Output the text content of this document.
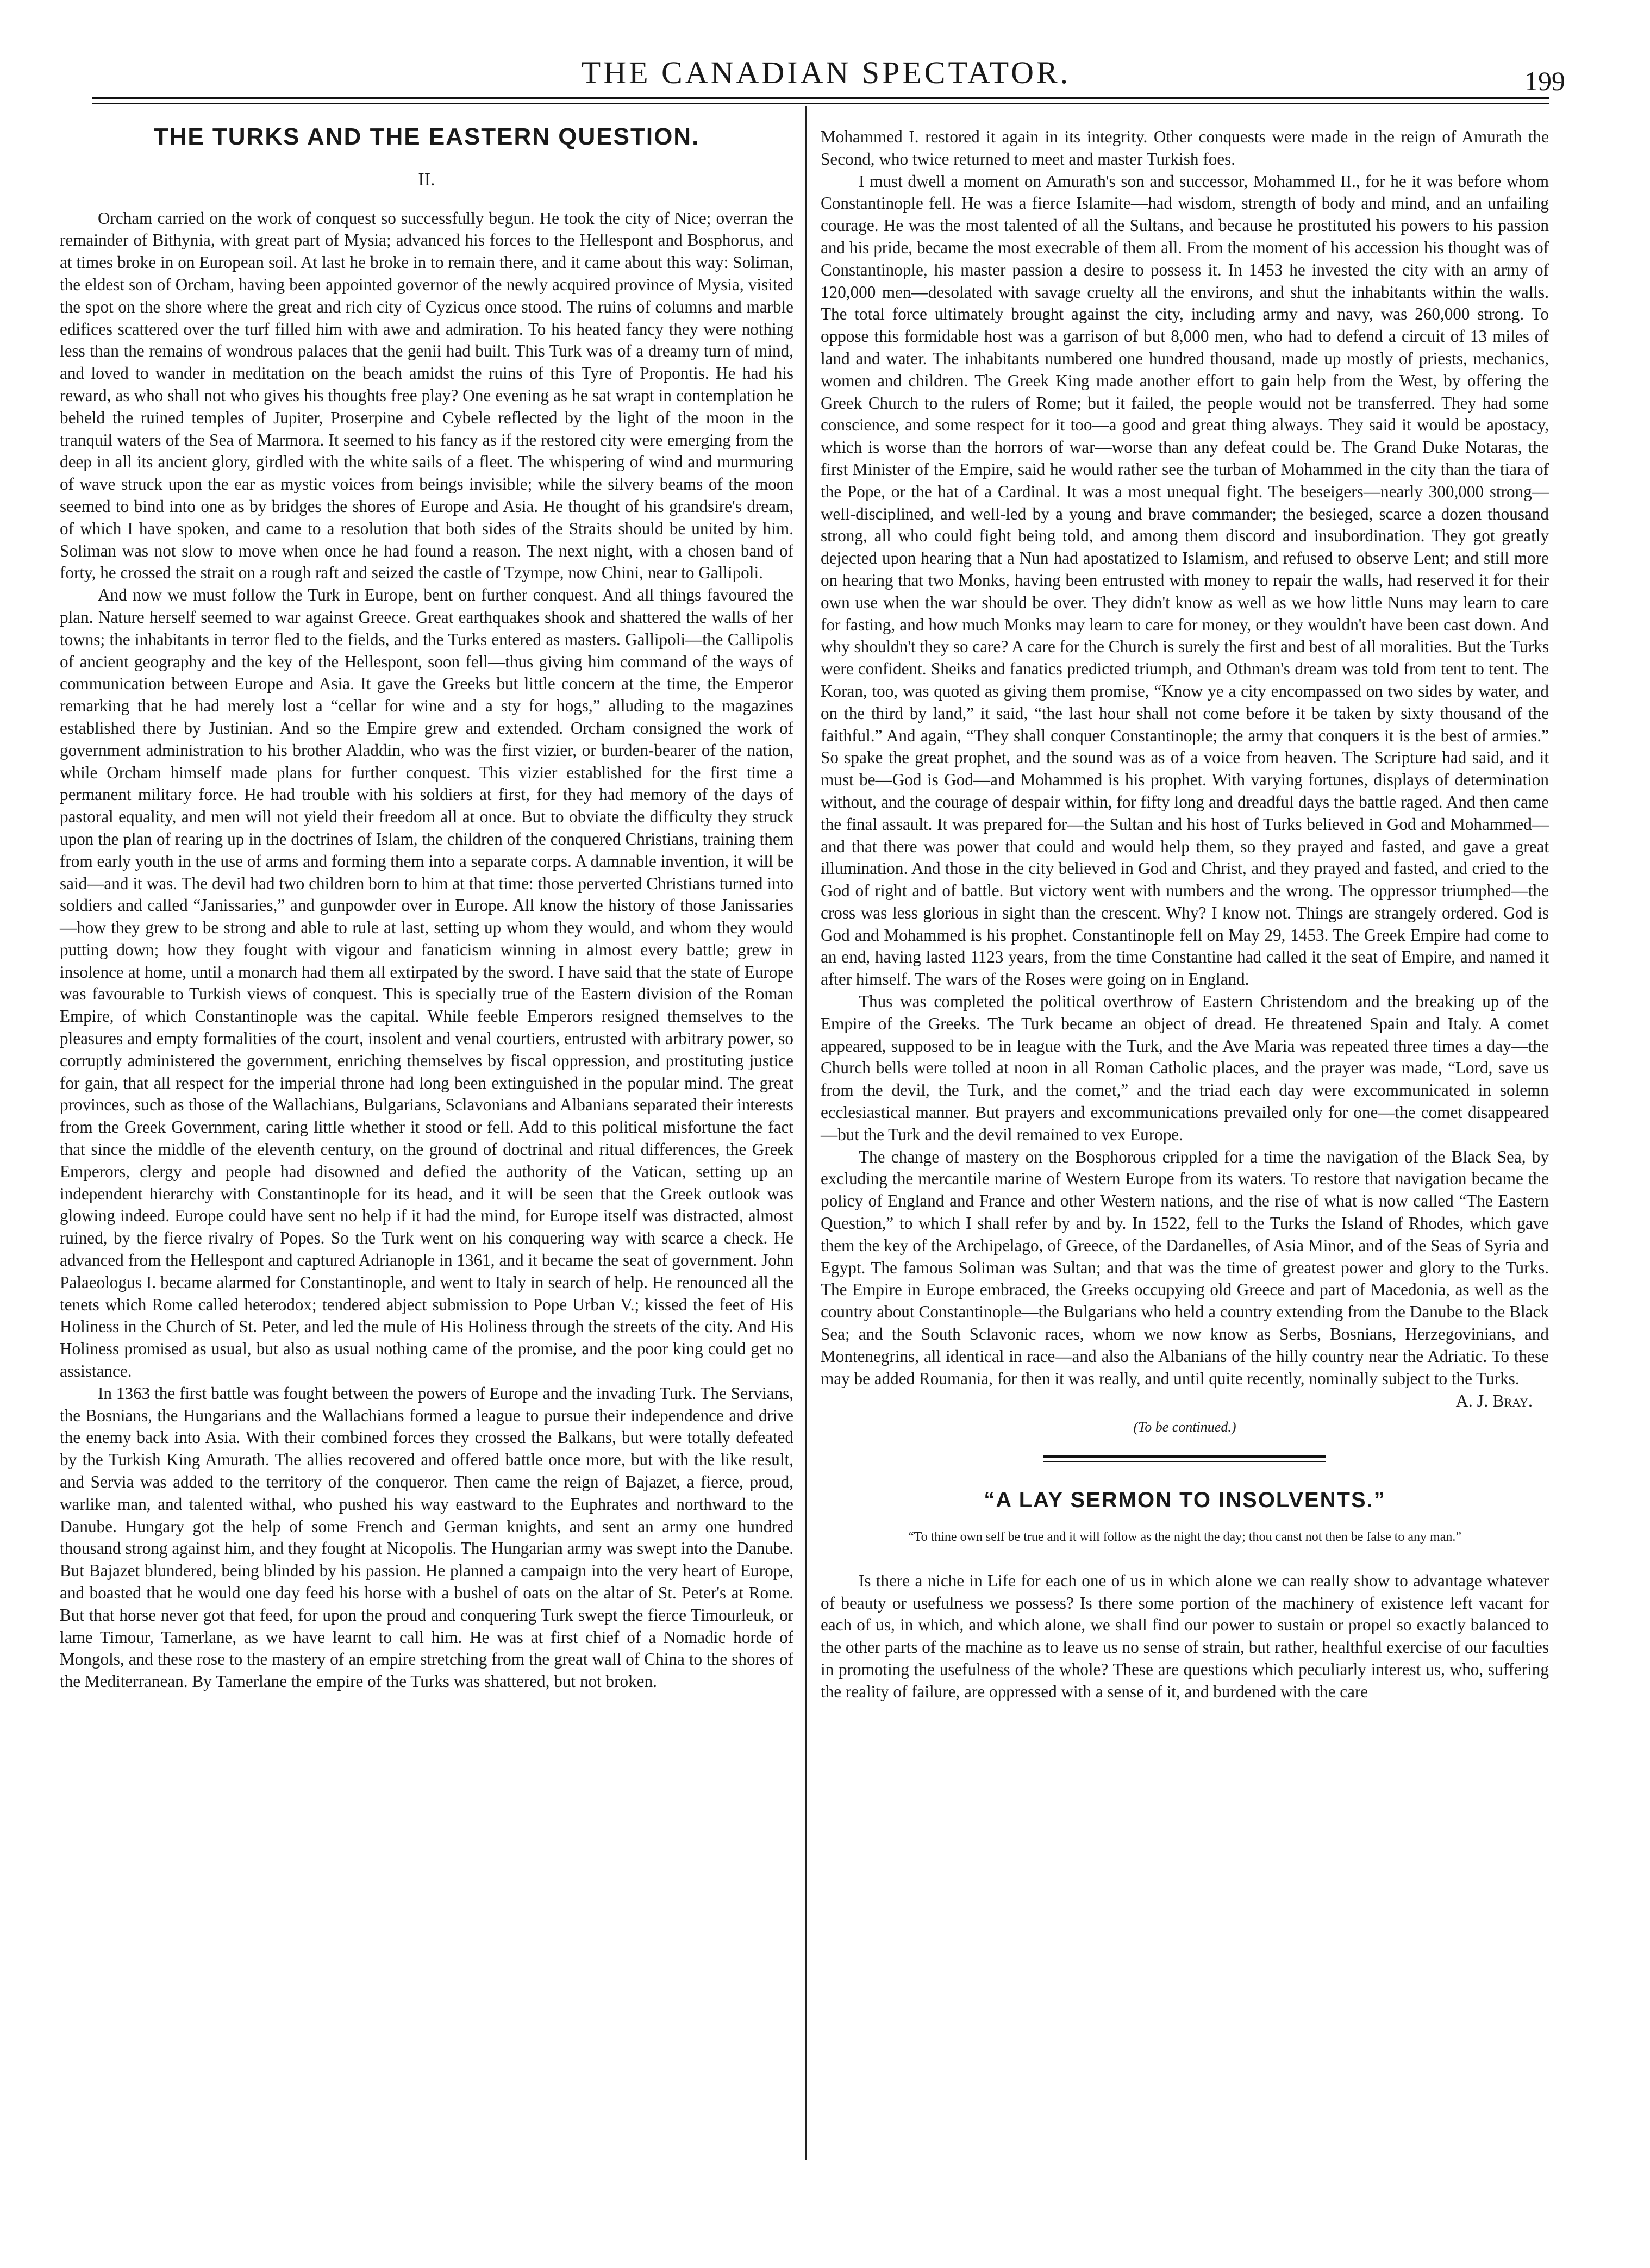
THE CANADIAN SPECTATOR.	199
THE TURKS AND THE EASTERN QUESTION.
II.

Orcham carried on the work of conquest so successfully begun. He took the city of Nice; overran the remainder of Bithynia, with great part of Mysia; advanced his forces to the Hellespont and Bosphorus, and at times broke in on European soil. At last he broke in to remain there, and it came about this way: Soliman, the eldest son of Orcham, having been appointed governor of the newly acquired province of Mysia, visited the spot on the shore where the great and rich city of Cyzicus once stood. The ruins of columns and marble edifices scattered over the turf filled him with awe and admiration. To his heated fancy they were nothing less than the remains of wondrous palaces that the genii had built. This Turk was of a dreamy turn of mind, and loved to wander in meditation on the beach amidst the ruins of this Tyre of Propontis. He had his reward, as who shall not who gives his thoughts free play? One evening as he sat wrapt in contemplation he beheld the ruined temples of Jupiter, Proserpine and Cybele reflected by the light of the moon in the tranquil waters of the Sea of Marmora. It seemed to his fancy as if the restored city were emerging from the deep in all its ancient glory, girdled with the white sails of a fleet. The whispering of wind and murmuring of wave struck upon the ear as mystic voices from beings invisible; while the silvery beams of the moon seemed to bind into one as by bridges the shores of Europe and Asia. He thought of his grandsire's dream, of which I have spoken, and came to a resolution that both sides of the Straits should be united by him. Soliman was not slow to move when once he had found a reason. The next night, with a chosen band of forty, he crossed the strait on a rough raft and seized the castle of Tzympe, now Chini, near to Gallipoli.

And now we must follow the Turk in Europe, bent on further conquest. And all things favoured the plan. Nature herself seemed to war against Greece. Great earthquakes shook and shattered the walls of her towns; the inhabitants in terror fled to the fields, and the Turks entered as masters. Gallipoli—the Callipolis of ancient geography and the key of the Hellespont, soon fell—thus giving him command of the ways of communication between Europe and Asia. It gave the Greeks but little concern at the time, the Emperor remarking that he had merely lost a “cellar for wine and a sty for hogs,” alluding to the magazines established there by Justinian. And so the Empire grew and extended. Orcham consigned the work of government administration to his brother Aladdin, who was the first vizier, or burden-bearer of the nation, while Orcham himself made plans for further conquest. This vizier established for the first time a permanent military force. He had trouble with his soldiers at first, for they had memory of the days of pastoral equality, and men will not yield their freedom all at once. But to obviate the difficulty they struck upon the plan of rearing up in the doctrines of Islam, the children of the conquered Christians, training them from early youth in the use of arms and forming them into a separate corps. A damnable invention, it will be said—and it was. The devil had two children born to him at that time: those perverted Christians turned into soldiers and called “Janissaries,” and gunpowder over in Europe. All know the history of those Janissaries—how they grew to be strong and able to rule at last, setting up whom they would, and whom they would putting down; how they fought with vigour and fanaticism winning in almost every battle; grew in insolence at home, until a monarch had them all extirpated by the sword. I have said that the state of Europe was favourable to Turkish views of conquest. This is specially true of the Eastern division of the Roman Empire, of which Constantinople was the capital. While feeble Emperors resigned themselves to the pleasures and empty formalities of the court, insolent and venal courtiers, entrusted with arbitrary power, so corruptly administered the government, enriching themselves by fiscal oppression, and prostituting justice for gain, that all respect for the imperial throne had long been extinguished in the popular mind. The great provinces, such as those of the Wallachians, Bulgarians, Sclavonians and Albanians separated their interests from the Greek Government, caring little whether it stood or fell. Add to this political misfortune the fact that since the middle of the eleventh century, on the ground of doctrinal and ritual differences, the Greek Emperors, clergy and people had disowned and defied the authority of the Vatican, setting up an independent hierarchy with Constantinople for its head, and it will be seen that the Greek outlook was glowing indeed. Europe could have sent no help if it had the mind, for Europe itself was distracted, almost ruined, by the fierce rivalry of Popes. So the Turk went on his conquering way with scarce a check. He advanced from the Hellespont and captured Adrianople in 1361, and it became the seat of government. John Palaeologus I. became alarmed for Constantinople, and went to Italy in search of help. He renounced all the tenets which Rome called heterodox; tendered abject submission to Pope Urban V.; kissed the feet of His Holiness in the Church of St. Peter, and led the mule of His Holiness through the streets of the city. And His Holiness promised as usual, but also as usual nothing came of the promise, and the poor king could get no assistance.

In 1363 the first battle was fought between the powers of Europe and the invading Turk. The Servians, the Bosnians, the Hungarians and the Wallachians formed a league to pursue their independence and drive the enemy back into Asia. With their combined forces they crossed the Balkans, but were totally defeated by the Turkish King Amurath. The allies recovered and offered battle once more, but with the like result, and Servia was added to the territory of the conqueror. Then came the reign of Bajazet, a fierce, proud, warlike man, and talented withal, who pushed his way eastward to the Euphrates and northward to the Danube. Hungary got the help of some French and German knights, and sent an army one hundred thousand strong against him, and they fought at Nicopolis. The Hungarian army was swept into the Danube. But Bajazet blundered, being blinded by his passion. He planned a campaign into the very heart of Europe, and boasted that he would one day feed his horse with a bushel of oats on the altar of St. Peter's at Rome. But that horse never got that feed, for upon the proud and conquering Turk swept the fierce Timourleuk, or lame Timour, Tamerlane, as we have learnt to call him. He was at first chief of a Nomadic horde of Mongols, and these rose to the mastery of an empire stretching from the great wall of China to the shores of the Mediterranean. By Tamerlane the empire of the Turks was shattered, but not broken.

Mohammed I. restored it again in its integrity. Other conquests were made in the reign of Amurath the Second, who twice returned to meet and master Turkish foes.

I must dwell a moment on Amurath's son and successor, Mohammed II., for he it was before whom Constantinople fell. He was a fierce Islamite—had wisdom, strength of body and mind, and an unfailing courage. He was the most talented of all the Sultans, and because he prostituted his powers to his passion and his pride, became the most execrable of them all. From the moment of his accession his thought was of Constantinople, his master passion a desire to possess it. In 1453 he invested the city with an army of 120,000 men—desolated with savage cruelty all the environs, and shut the inhabitants within the walls. The total force ultimately brought against the city, including army and navy, was 260,000 strong. To oppose this formidable host was a garrison of but 8,000 men, who had to defend a circuit of 13 miles of land and water. The inhabitants numbered one hundred thousand, made up mostly of priests, mechanics, women and children. The Greek King made another effort to gain help from the West, by offering the Greek Church to the rulers of Rome; but it failed, the people would not be transferred. They had some conscience, and some respect for it too—a good and great thing always. They said it would be apostacy, which is worse than the horrors of war—worse than any defeat could be. The Grand Duke Notaras, the first Minister of the Empire, said he would rather see the turban of Mohammed in the city than the tiara of the Pope, or the hat of a Cardinal. It was a most unequal fight. The beseigers—nearly 300,000 strong—well-disciplined, and well-led by a young and brave commander; the besieged, scarce a dozen thousand strong, all who could fight being told, and among them discord and insubordination. They got greatly dejected upon hearing that a Nun had apostatized to Islamism, and refused to observe Lent; and still more on hearing that two Monks, having been entrusted with money to repair the walls, had reserved it for their own use when the war should be over. They didn't know as well as we how little Nuns may learn to care for fasting, and how much Monks may learn to care for money, or they wouldn't have been cast down. And why shouldn't they so care? A care for the Church is surely the first and best of all moralities. But the Turks were confident. Sheiks and fanatics predicted triumph, and Othman's dream was told from tent to tent. The Koran, too, was quoted as giving them promise, “Know ye a city encompassed on two sides by water, and on the third by land,” it said, “the last hour shall not come before it be taken by sixty thousand of the faithful.” And again, “They shall conquer Constantinople; the army that conquers it is the best of armies.” So spake the great prophet, and the sound was as of a voice from heaven. The Scripture had said, and it must be—God is God—and Mohammed is his prophet. With varying fortunes, displays of determination without, and the courage of despair within, for fifty long and dreadful days the battle raged. And then came the final assault. It was prepared for—the Sultan and his host of Turks believed in God and Mohammed—and that there was power that could and would help them, so they prayed and fasted, and gave a great illumination. And those in the city believed in God and Christ, and they prayed and fasted, and cried to the God of right and of battle. But victory went with numbers and the wrong. The oppressor triumphed—the cross was less glorious in sight than the crescent. Why? I know not. Things are strangely ordered. God is God and Mohammed is his prophet. Constantinople fell on May 29, 1453. The Greek Empire had come to an end, having lasted 1123 years, from the time Constantine had called it the seat of Empire, and named it after himself. The wars of the Roses were going on in England.

Thus was completed the political overthrow of Eastern Christendom and the breaking up of the Empire of the Greeks. The Turk became an object of dread. He threatened Spain and Italy. A comet appeared, supposed to be in league with the Turk, and the Ave Maria was repeated three times a day—the Church bells were tolled at noon in all Roman Catholic places, and the prayer was made, “Lord, save us from the devil, the Turk, and the comet,” and the triad each day were excommunicated in solemn ecclesiastical manner. But prayers and excommunications prevailed only for one—the comet disappeared—but the Turk and the devil remained to vex Europe.

The change of mastery on the Bosphorous crippled for a time the navigation of the Black Sea, by excluding the mercantile marine of Western Europe from its waters. To restore that navigation became the policy of England and France and other Western nations, and the rise of what is now called “The Eastern Question,” to which I shall refer by and by. In 1522, fell to the Turks the Island of Rhodes, which gave them the key of the Archipelago, of Greece, of the Dardanelles, of Asia Minor, and of the Seas of Syria and Egypt. The famous Soliman was Sultan; and that was the time of greatest power and glory to the Turks. The Empire in Europe embraced, the Greeks occupying old Greece and part of Macedonia, as well as the country about Constantinople—the Bulgarians who held a country extending from the Danube to the Black Sea; and the South Sclavonic races, whom we now know as Serbs, Bosnians, Herzegovinians, and Montenegrins, all identical in race—and also the Albanians of the hilly country near the Adriatic. To these may be added Roumania, for then it was really, and until quite recently, nominally subject to the Turks.

A. J. Bray.
(To be continued.)
“A LAY SERMON TO INSOLVENTS.”
“To thine own self be true and it will follow as the night the day; thou canst not then be false to any man.”

Is there a niche in Life for each one of us in which alone we can really show to advantage whatever of beauty or usefulness we possess? Is there some portion of the machinery of existence left vacant for each of us, in which, and which alone, we shall find our power to sustain or propel so exactly balanced to the other parts of the machine as to leave us no sense of strain, but rather, healthful exercise of our faculties in promoting the usefulness of the whole? These are questions which peculiarly interest us, who, suffering the reality of failure, are oppressed with a sense of it, and burdened with the care
